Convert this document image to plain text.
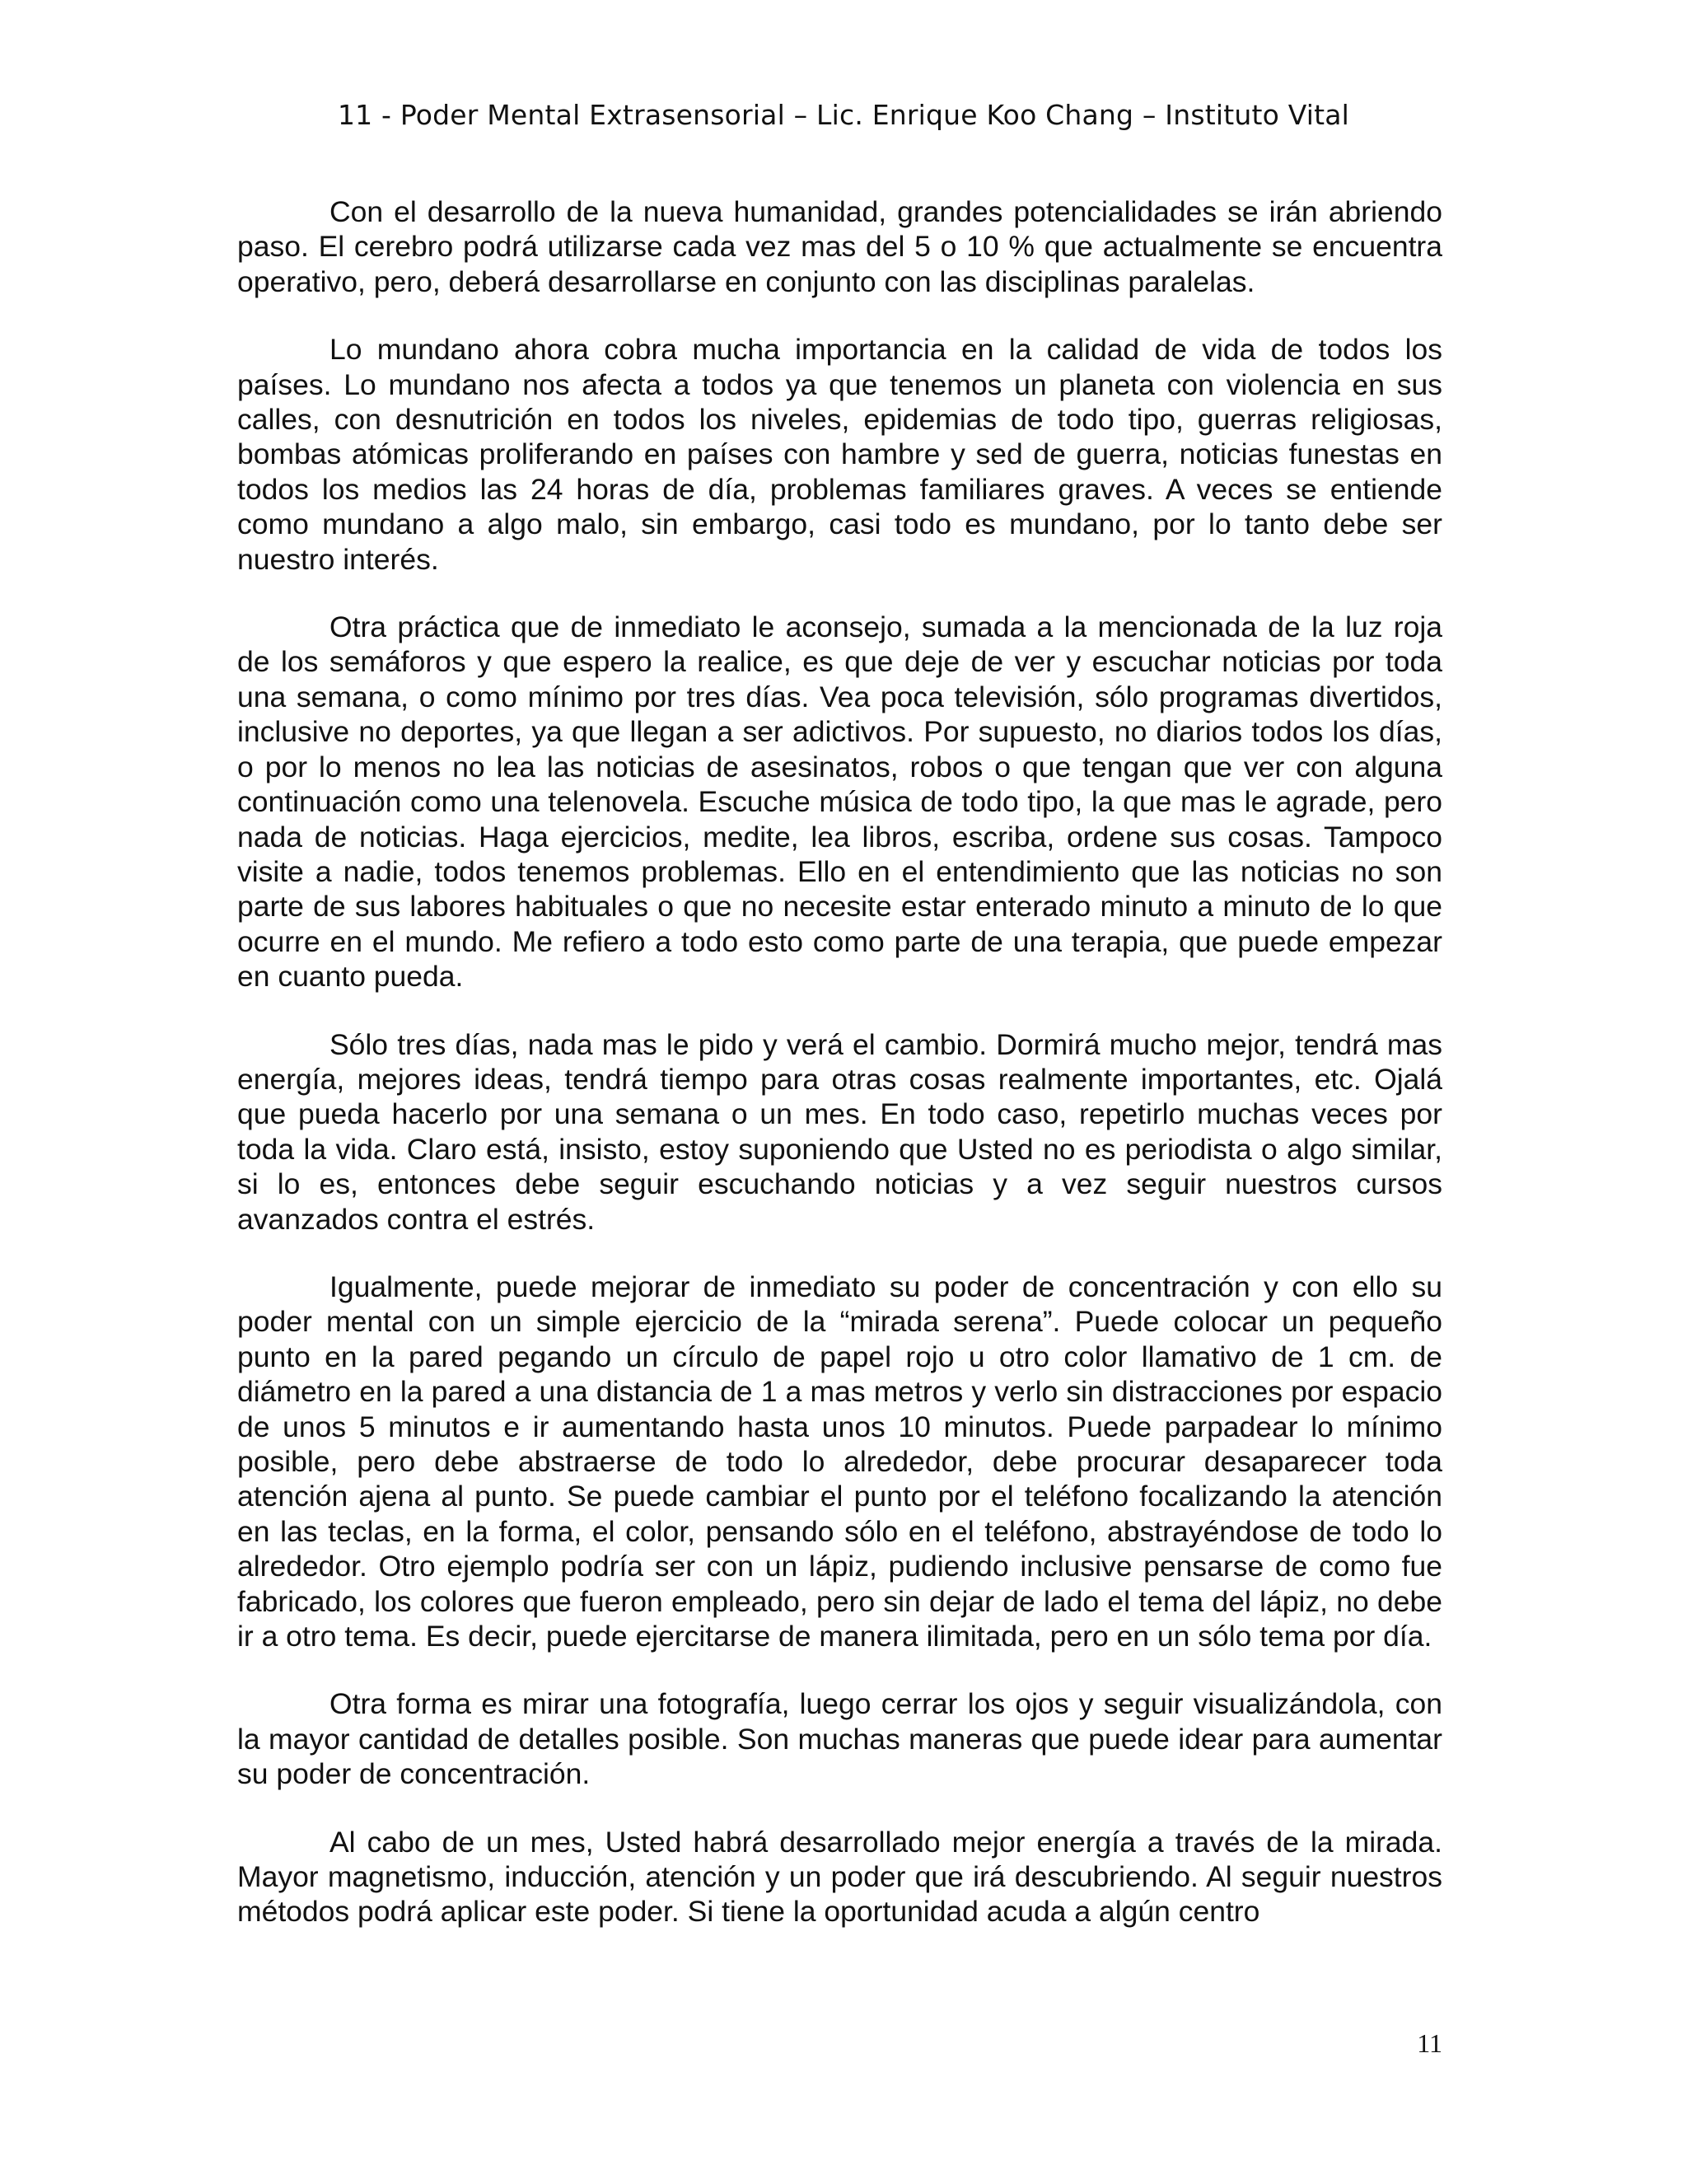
11 - Poder Mental Extrasensorial – Lic. Enrique Koo Chang – Instituto Vital

Con el desarrollo de la nueva humanidad, grandes potencialidades se irán abriendo paso. El cerebro podrá utilizarse cada vez mas del 5 o 10 % que actualmente se encuentra operativo, pero, deberá desarrollarse en conjunto con las disciplinas paralelas.

Lo mundano ahora cobra mucha importancia en la calidad de vida de todos los países. Lo mundano nos afecta a todos ya que tenemos un planeta con violencia en sus calles, con desnutrición en todos los niveles, epidemias de todo tipo, guerras religiosas, bombas atómicas proliferando en países con hambre y sed de guerra, noticias funestas en todos los medios las 24 horas de día, problemas familiares graves. A veces se entiende como mundano a algo malo, sin embargo, casi todo es mundano, por lo tanto debe ser nuestro interés.

Otra práctica que de inmediato le aconsejo, sumada a la mencionada de la luz roja de los semáforos y que espero la realice, es que deje de ver y escuchar noticias por toda una semana, o como mínimo por tres días. Vea poca televisión, sólo programas divertidos, inclusive no deportes, ya que llegan a ser adictivos. Por supuesto, no diarios todos los días, o por lo menos no lea las noticias de asesinatos, robos o que tengan que ver con alguna continuación como una telenovela. Escuche música de todo tipo, la que mas le agrade, pero nada de noticias. Haga ejercicios, medite, lea libros, escriba, ordene sus cosas. Tampoco visite a nadie, todos tenemos problemas. Ello en el entendimiento que las noticias no son parte de sus labores habituales o que no necesite estar enterado minuto a minuto de lo que ocurre en el mundo. Me refiero a todo esto como parte de una terapia, que puede empezar en cuanto pueda.

Sólo tres días, nada mas le pido y verá el cambio. Dormirá mucho mejor, tendrá mas energía, mejores ideas, tendrá tiempo para otras cosas realmente importantes, etc. Ojalá que pueda hacerlo por una semana o un mes. En todo caso, repetirlo muchas veces por toda la vida. Claro está, insisto, estoy suponiendo que Usted no es periodista o algo similar, si lo es, entonces debe seguir escuchando noticias y a vez seguir nuestros cursos avanzados contra el estrés.

Igualmente, puede mejorar de inmediato su poder de concentración y con ello su poder mental con un simple ejercicio de la “mirada serena”. Puede colocar un pequeño punto en la pared pegando un círculo de papel rojo u otro color llamativo de 1 cm. de diámetro en la pared a una distancia de 1 a mas metros y verlo sin distracciones por espacio de unos 5 minutos e ir aumentando hasta unos 10 minutos. Puede parpadear lo mínimo posible, pero debe abstraerse de todo lo alrededor, debe procurar desaparecer toda atención ajena al punto. Se puede cambiar el punto por el teléfono focalizando la atención en las teclas, en la forma, el color, pensando sólo en el teléfono, abstrayéndose de todo lo alrededor. Otro ejemplo podría ser con un lápiz, pudiendo inclusive pensarse de como fue fabricado, los colores que fueron empleado, pero sin dejar de lado el tema del lápiz, no debe ir a otro tema. Es decir, puede ejercitarse de manera ilimitada, pero en un sólo tema por día.

Otra forma es mirar una fotografía, luego cerrar los ojos y seguir visualizándola, con la mayor cantidad de detalles posible. Son muchas maneras que puede idear para aumentar su poder de concentración.

Al cabo de un mes, Usted habrá desarrollado mejor energía a través de la mirada. Mayor magnetismo, inducción, atención y un poder que irá descubriendo. Al seguir nuestros métodos podrá aplicar este poder. Si tiene la oportunidad acuda a algún centro

11
